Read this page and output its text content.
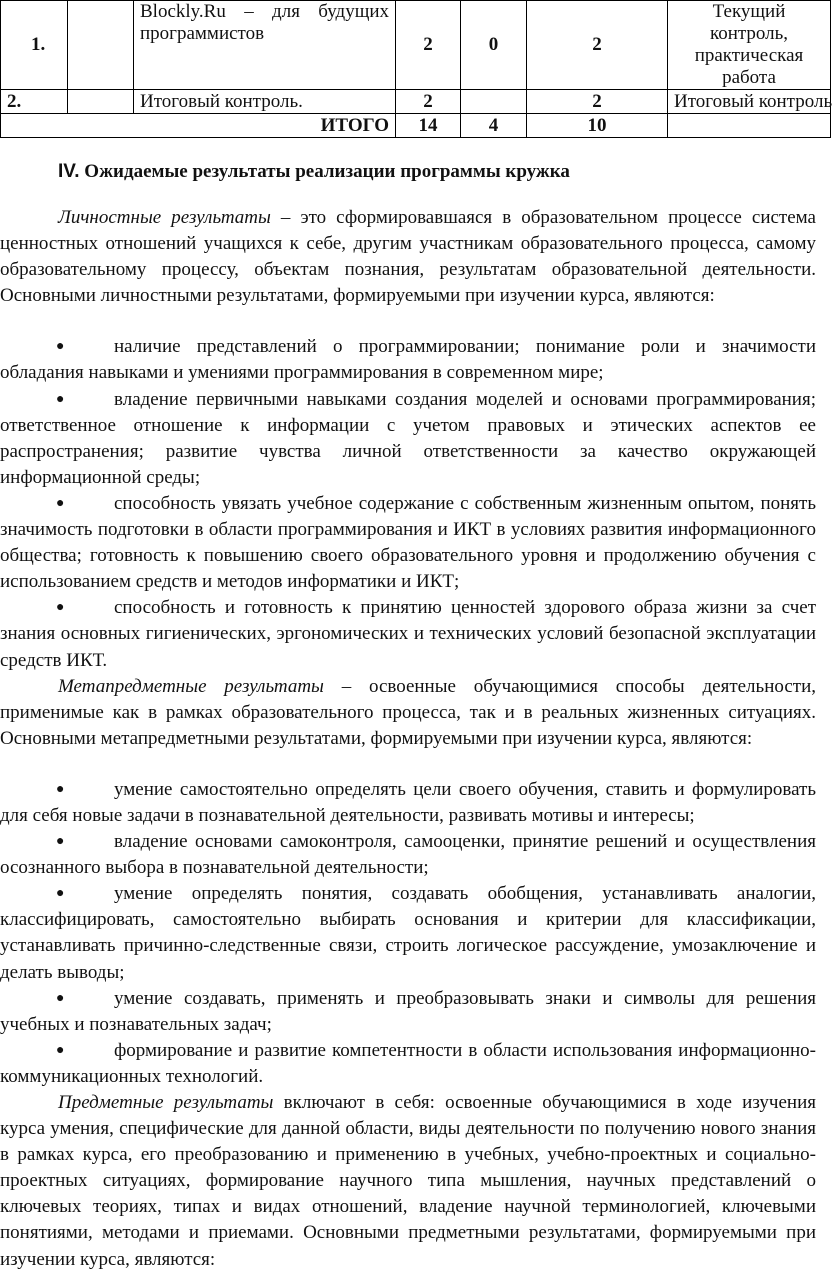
1.		Blockly.Ru – для будущих программистов	2	0	2	Текущий контроль, практическая работа
2.		Итоговый контроль.	2		2	Итоговый контроль
ИТОГО			14	4	10	
IV. Ожидаемые результаты реализации программы кружка

Личностные результаты – это сформировавшаяся в образовательном процессе система ценностных отношений учащихся к себе, другим участникам образовательного процесса, самому образовательному процессу, объектам познания, результатам образовательной деятельности. Основными личностными результатами, формируемыми при изучении курса, являются:

●	наличие представлений о программировании; понимание роли и значимости обладания навыками и умениями программирования в современном мире;

●	владение первичными навыками создания моделей и основами программирования; ответственное отношение к информации с учетом правовых и этических аспектов ее распространения; развитие чувства личной ответственности за качество окружающей информационной среды;

●	способность увязать учебное содержание с собственным жизненным опытом, понять значимость подготовки в области программирования и ИКТ в условиях развития информационного общества; готовность к повышению своего образовательного уровня и продолжению обучения с использованием средств и методов информатики и ИКТ;

●	способность и готовность к принятию ценностей здорового образа жизни за счет знания основных гигиенических, эргономических и технических условий безопасной эксплуатации средств ИКТ.

Метапредметные результаты – освоенные обучающимися способы деятельности, применимые как в рамках образовательного процесса, так и в реальных жизненных ситуациях. Основными метапредметными результатами, формируемыми при изучении курса, являются:

●	умение самостоятельно определять цели своего обучения, ставить и формулировать для себя новые задачи в познавательной деятельности, развивать мотивы и интересы;

●	владение основами самоконтроля, самооценки, принятие решений и осуществления осознанного выбора в познавательной деятельности;

●	умение определять понятия, создавать обобщения, устанавливать аналогии, классифицировать, самостоятельно выбирать основания и критерии для классификации, устанавливать причинно-следственные связи, строить логическое рассуждение, умозаключение и делать выводы;

●	умение создавать, применять и преобразовывать знаки и символы для решения учебных и познавательных задач;

●	формирование и развитие компетентности в области использования информационно-коммуникационных технологий.

Предметные результаты включают в себя: освоенные обучающимися в ходе изучения курса умения, специфические для данной области, виды деятельности по получению нового знания в рамках курса, его преобразованию и применению в учебных, учебно-проектных и социально-проектных ситуациях, формирование научного типа мышления, научных представлений о ключевых теориях, типах и видах отношений, владение научной терминологией, ключевыми понятиями, методами и приемами. Основными предметными результатами, формируемыми при изучении курса, являются:
